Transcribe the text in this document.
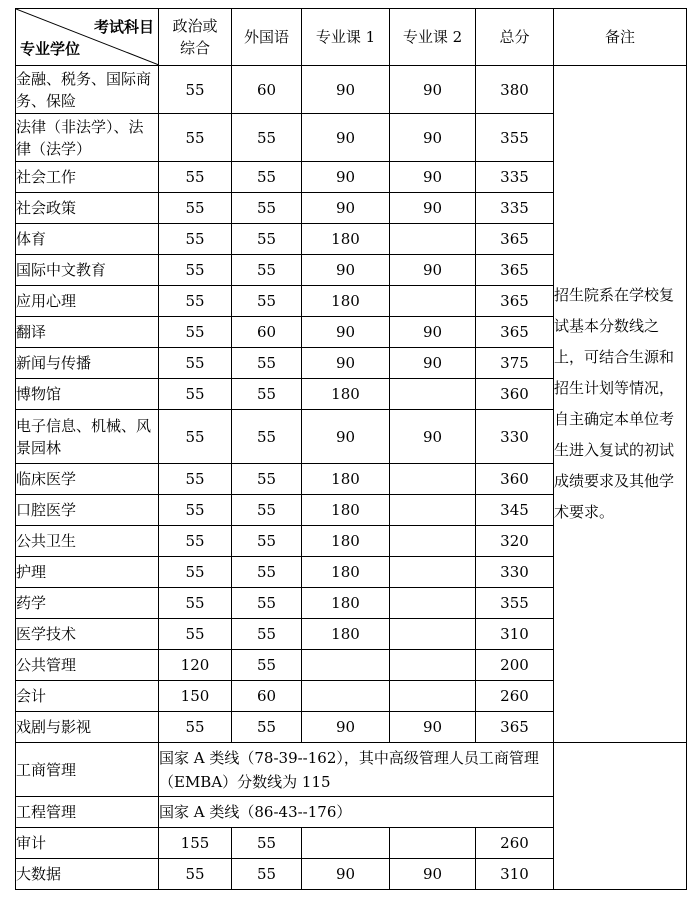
考试科目
专业学位	政治或综合	外国语	专业课 1	专业课 2	总分	备注
金融、税务、国际商务、保险	55	60	90	90	380	招生院系在学校复试基本分数线之上，可结合生源和招生计划等情况，自主确定本单位考生进入复试的初试成绩要求及其他学术要求。
法律（非法学）、法律（法学）	55	55	90	90	355	
社会工作	55	55	90	90	335	
社会政策	55	55	90	90	335	
体育	55	55	180		365	
国际中文教育	55	55	90	90	365	
应用心理	55	55	180		365	
翻译	55	60	90	90	365	
新闻与传播	55	55	90	90	375	
博物馆	55	55	180		360	
电子信息、机械、风景园林	55	55	90	90	330	
临床医学	55	55	180		360	
口腔医学	55	55	180		345	
公共卫生	55	55	180		320	
护理	55	55	180		330	
药学	55	55	180		355	
医学技术	55	55	180		310	
公共管理	120	55			200	
会计	150	60			260	
戏剧与影视	55	55	90	90	365	
工商管理	国家 A 类线（78-39--162），其中高级管理人员工商管理（EMBA）分数线为 115					
工程管理	国家 A 类线（86-43--176）					
审计	155	55			260	
大数据	55	55	90	90	310	
